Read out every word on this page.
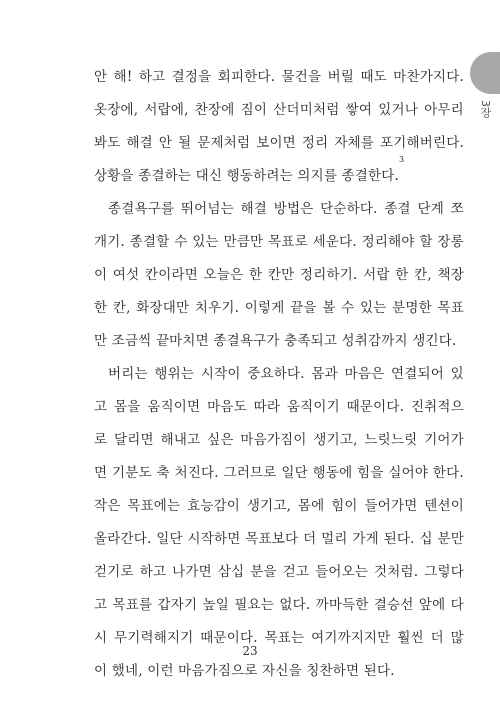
3장
안 해! 하고 결정을 회피한다. 물건을 버릴 때도 마찬가지다.
옷장에, 서랍에, 찬장에 짐이 산더미처럼 쌓여 있거나 아무리
봐도 해결 안 될 문제처럼 보이면 정리 자체를 포기해버린다.
상황을 종결하는 대신 행동하려는 의지를 종결한다.
3
종결욕구를 뛰어넘는 해결 방법은 단순하다. 종결 단계 쪼
개기. 종결할 수 있는 만큼만 목표로 세운다. 정리해야 할 장롱
이 여섯 칸이라면 오늘은 한 칸만 정리하기. 서랍 한 칸, 책장
한 칸, 화장대만 치우기. 이렇게 끝을 볼 수 있는 분명한 목표
만 조금씩 끝마치면 종결욕구가 충족되고 성취감까지 생긴다.
버리는 행위는 시작이 중요하다. 몸과 마음은 연결되어 있
고 몸을 움직이면 마음도 따라 움직이기 때문이다. 진취적으
로 달리면 해내고 싶은 마음가짐이 생기고, 느릿느릿 기어가
면 기분도 축 처진다. 그러므로 일단 행동에 힘을 실어야 한다.
작은 목표에는 효능감이 생기고, 몸에 힘이 들어가면 텐션이
올라간다. 일단 시작하면 목표보다 더 멀리 가게 된다. 십 분만
걷기로 하고 나가면 삼십 분을 걷고 들어오는 것처럼. 그렇다
고 목표를 갑자기 높일 필요는 없다. 까마득한 결승선 앞에 다
시 무기력해지기 때문이다. 목표는 여기까지지만 훨씬 더 많
이 했네, 이런 마음가짐으로 자신을 칭찬하면 된다.
23
